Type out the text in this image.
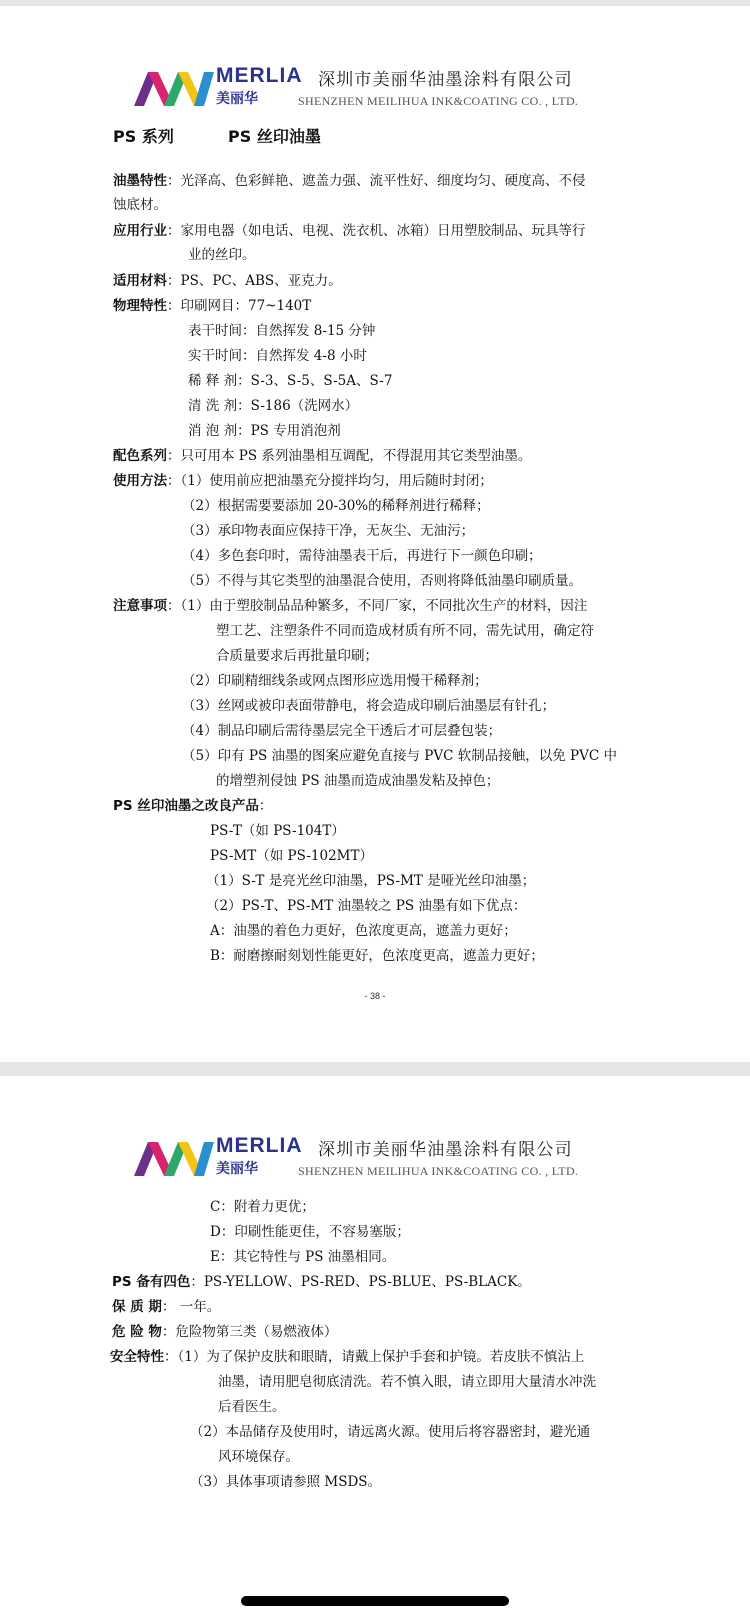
MERLIA
美丽华
深圳市美丽华油墨涂料有限公司
SHENZHEN MEILIHUA INK&COATING CO. , LTD.
PS 系列	PS 丝印油墨
油墨特性：光泽高、色彩鲜艳、遮盖力强、流平性好、细度均匀、硬度高、不侵
蚀底材。
应用行业：家用电器（如电话、电视、洗衣机、冰箱）日用塑胶制品、玩具等行
业的丝印。
适用材料：PS、PC、ABS、亚克力。
物理特性：印刷网目：77~140T
表干时间：自然挥发 8-15 分钟
实干时间：自然挥发 4-8 小时
稀 释 剂：S-3、S-5、S-5A、S-7
清 洗 剂：S-186（洗网水）
消 泡 剂：PS 专用消泡剂
配色系列：只可用本 PS 系列油墨相互调配，不得混用其它类型油墨。
使用方法：（1）使用前应把油墨充分搅拌均匀，用后随时封闭；
（2）根据需要要添加 20-30%的稀释剂进行稀释；
（3）承印物表面应保持干净，无灰尘、无油污；
（4）多色套印时，需待油墨表干后，再进行下一颜色印刷；
（5）不得与其它类型的油墨混合使用，否则将降低油墨印刷质量。
注意事项：（1）由于塑胶制品品种繁多，不同厂家，不同批次生产的材料，因注
塑工艺、注塑条件不同而造成材质有所不同，需先试用，确定符
合质量要求后再批量印刷；
（2）印刷精细线条或网点图形应选用慢干稀释剂；
（3）丝网或被印表面带静电，将会造成印刷后油墨层有针孔；
（4）制品印刷后需待墨层完全干透后才可层叠包装；
（5）印有 PS 油墨的图案应避免直接与 PVC 软制品接触，以免 PVC 中
的增塑剂侵蚀 PS 油墨而造成油墨发粘及掉色；
PS 丝印油墨之改良产品：
PS-T（如 PS-104T）
PS-MT（如 PS-102MT）
（1）S-T 是亮光丝印油墨，PS-MT 是哑光丝印油墨；
（2）PS-T、PS-MT 油墨较之 PS 油墨有如下优点：
A：油墨的着色力更好，色浓度更高，遮盖力更好；
B：耐磨擦耐刻划性能更好，色浓度更高，遮盖力更好；
- 38 -
MERLIA
美丽华
深圳市美丽华油墨涂料有限公司
SHENZHEN MEILIHUA INK&COATING CO. , LTD.
C：附着力更优；
D：印刷性能更佳，不容易塞版；
E：其它特性与 PS 油墨相同。
PS 备有四色：PS-YELLOW、PS-RED、PS-BLUE、PS-BLACK。
保 质 期： 一年。
危 险 物：危险物第三类（易燃液体）
安全特性：（1）为了保护皮肤和眼睛，请戴上保护手套和护镜。若皮肤不慎沾上
油墨，请用肥皂彻底清洗。若不慎入眼，请立即用大量清水冲洗
后看医生。
（2）本品储存及使用时，请远离火源。使用后将容器密封，避光通
风环境保存。
（3）具体事项请参照 MSDS。
